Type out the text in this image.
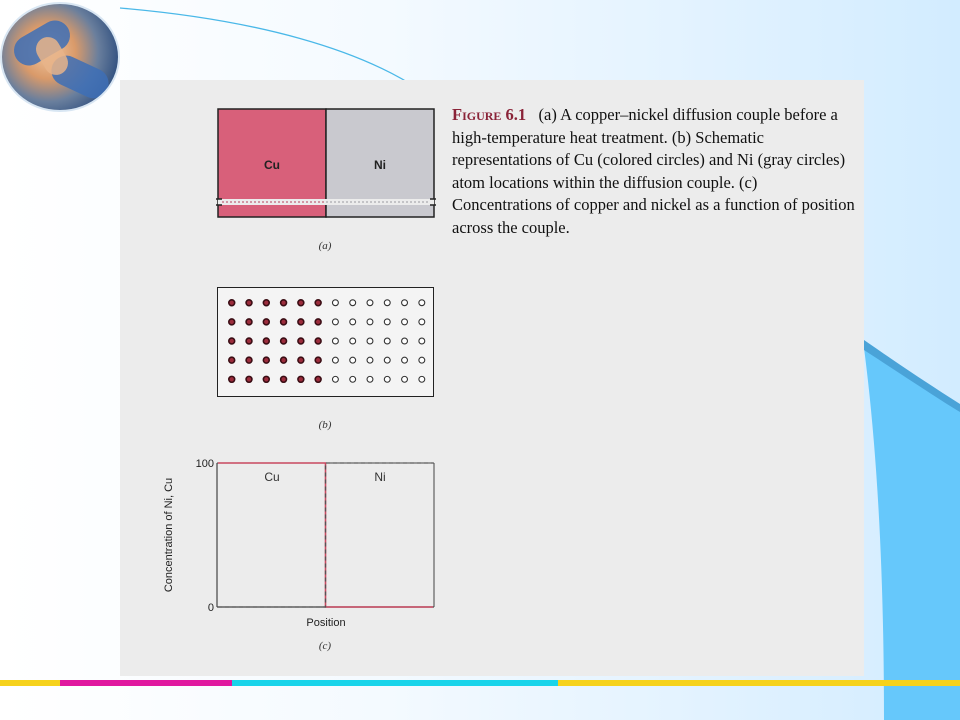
Cu	Ni
(a)
(b)
Concentration of Ni, Cu
100
0
Cu	Ni
Position
(c)
Figure 6.1 (a) A copper–nickel diffusion couple before a high-temperature heat treatment. (b) Schematic representations of Cu (colored circles) and Ni (gray circles) atom locations within the diffusion couple. (c) Concentrations of copper and nickel as a function of position across the couple.
